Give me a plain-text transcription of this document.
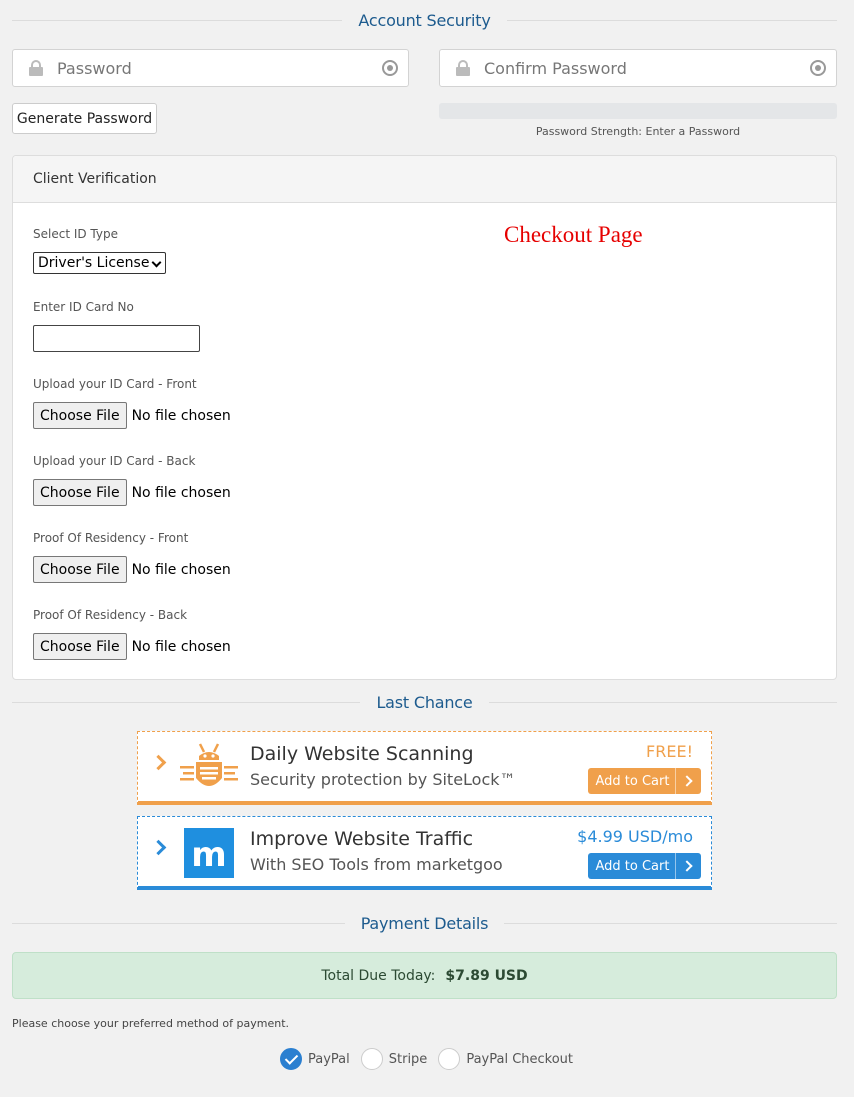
Account Security
Password	Confirm Password
Generate Password
Password Strength: Enter a Password
Client Verification
Checkout Page
Select ID Type
Driver's License
Enter ID Card No
Upload your ID Card - Front
Choose File No file chosen
Upload your ID Card - Back
Choose File No file chosen
Proof Of Residency - Front
Choose File No file chosen
Proof Of Residency - Back
Choose File No file chosen
Last Chance
Daily Website Scanning
Security protection by SiteLock™
FREE!
Add to Cart
m Improve Website Traffic
With SEO Tools from marketgoo
$4.99 USD/mo
Add to Cart
Payment Details
Total Due Today: $7.89 USD
Please choose your preferred method of payment.
PayPal	Stripe	PayPal Checkout
